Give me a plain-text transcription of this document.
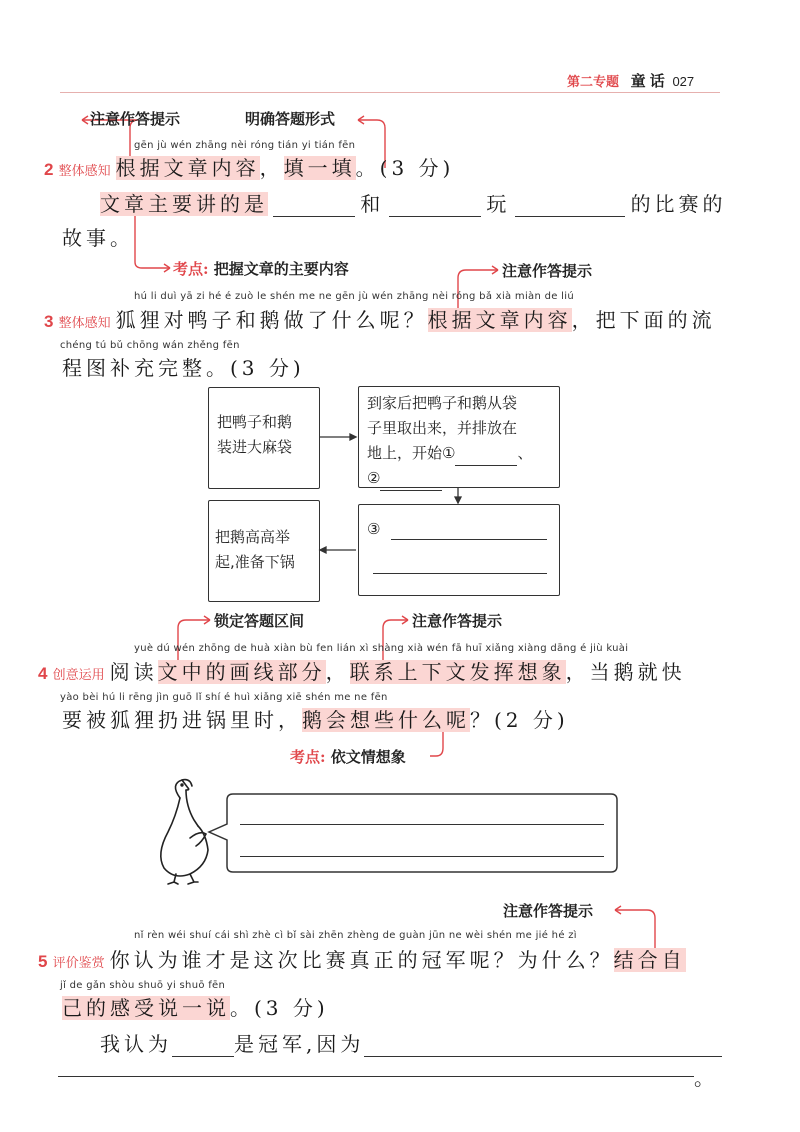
第二专题 童 话 027
注意作答提示	明确答题形式
gēn jù wén zhāng nèi róng tián yi tián fēn
2 整体感知 根据文章内容，填一填。(3 分)
文章主要讲的是	和	玩	的比赛的
故事。
考点: 把握文章的主要内容	注意作答提示
hú li duì yā zi hé é zuò le shén me ne gēn jù wén zhāng nèi róng bǎ xià miàn de liú
3 整体感知 狐狸对鸭子和鹅做了什么呢？根据文章内容，把下面的流
chéng tú bǔ chōng wán zhěng fēn
程图补充完整。(3 分)
把鸭子和鹅
装进大麻袋
到家后把鸭子和鹅从袋
子里取出来，并排放在
地上，开始①	、
②
把鹅高高举
起,准备下锅
③
锁定答题区间	注意作答提示
yuè dú wén zhōng de huà xiàn bù fen lián xì shàng xià wén fā huī xiǎng xiàng dāng é jiù kuài
4 创意运用 阅读文中的画线部分，联系上下文发挥想象，当鹅就快
yào bèi hú li rēng jìn guō lǐ shí é huì xiǎng xiē shén me ne fēn
要被狐狸扔进锅里时，鹅会想些什么呢？(2 分)
考点: 依文情想象
注意作答提示
nǐ rèn wéi shuí cái shì zhè cì bǐ sài zhēn zhèng de guàn jūn ne wèi shén me jié hé zì
5 评价鉴赏 你认为谁才是这次比赛真正的冠军呢？为什么？结合自
jǐ de gǎn shòu shuō yi shuō fēn
己的感受说一说。(3 分)
我认为	是冠军,因为
。
